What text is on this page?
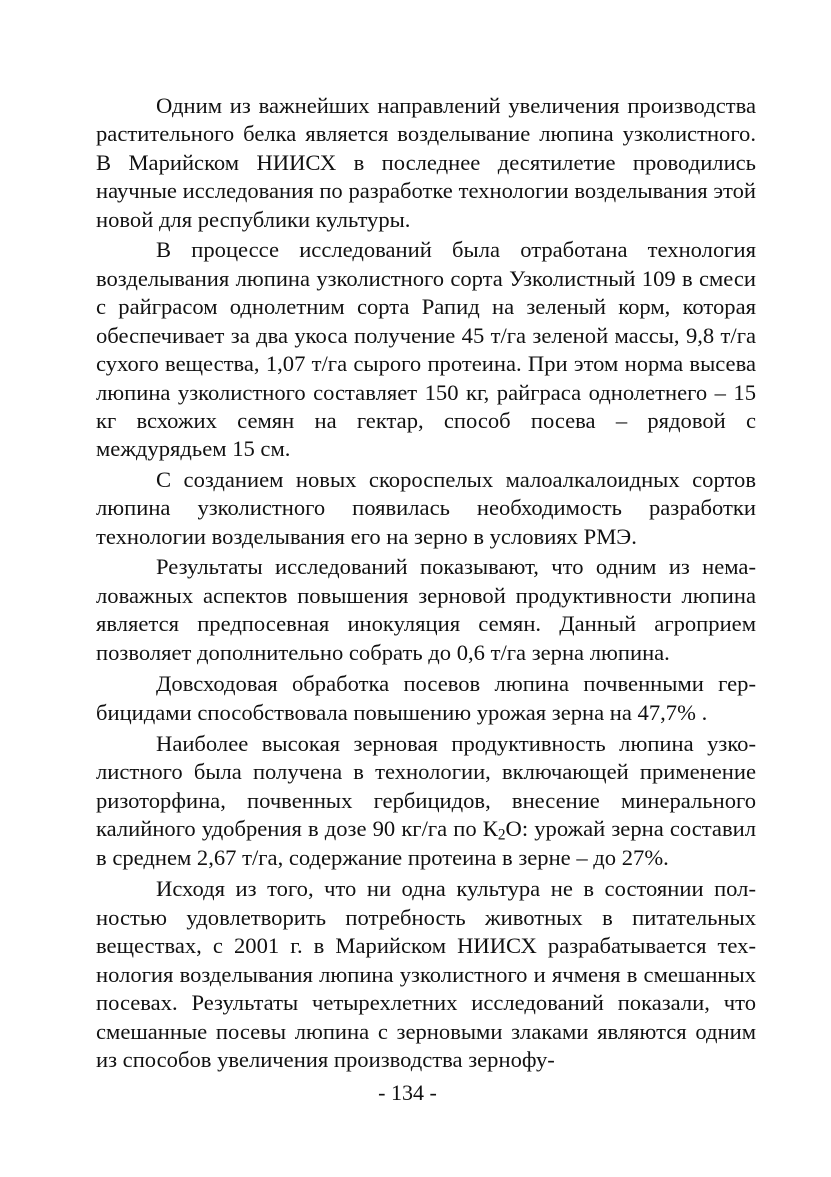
Одним из важнейших направлений увеличения производства растительного белка является возделывание люпина узколистного. В Марийском НИИСХ в последнее десятилетие проводились научные исследования по разработке технологии возделывания этой новой для республики культуры.

В процессе исследований была отработана технология возделывания люпина узколистного сорта Узколистный 109 в смеси с райграсом однолетним сорта Рапид на зеленый корм, которая обеспечивает за два укоса получение 45 т/га зеленой массы, 9,8 т/га сухого вещества, 1,07 т/га сырого протеина. При этом норма высева люпина узколистного составляет 150 кг, райграса однолетнего – 15 кг всхожих семян на гектар, способ посева – рядовой с междурядьем 15 см.

С созданием новых скороспелых малоалкалоидных сортов люпина узколистного появилась необходимость разработки технологии возделывания его на зерно в условиях РМЭ.

Результаты исследований показывают, что одним из немаловажных аспектов повышения зерновой продуктивности люпина является предпосевная инокуляция семян. Данный агроприем позволяет дополнительно собрать до 0,6 т/га зерна люпина.

Довсходовая обработка посевов люпина почвенными гербицидами способствовала повышению урожая зерна на 47,7% .

Наиболее высокая зерновая продуктивность люпина узколистного была получена в технологии, включающей применение ризоторфина, почвенных гербицидов, внесение минерального калийного удобрения в дозе 90 кг/га по $К_2О$: урожай зерна составил в среднем 2,67 т/га, содержание протеина в зерне – до 27%.

Исходя из того, что ни одна культура не в состоянии полностью удовлетворить потребность животных в питательных веществах, с 2001 г. в Марийском НИИСХ разрабатывается технология возделывания люпина узколистного и ячменя в смешанных посевах. Результаты четырехлетних исследований показали, что смешанные посевы люпина с зерновыми злаками являются одним из способов увеличения производства зернофу-

- 134 -
